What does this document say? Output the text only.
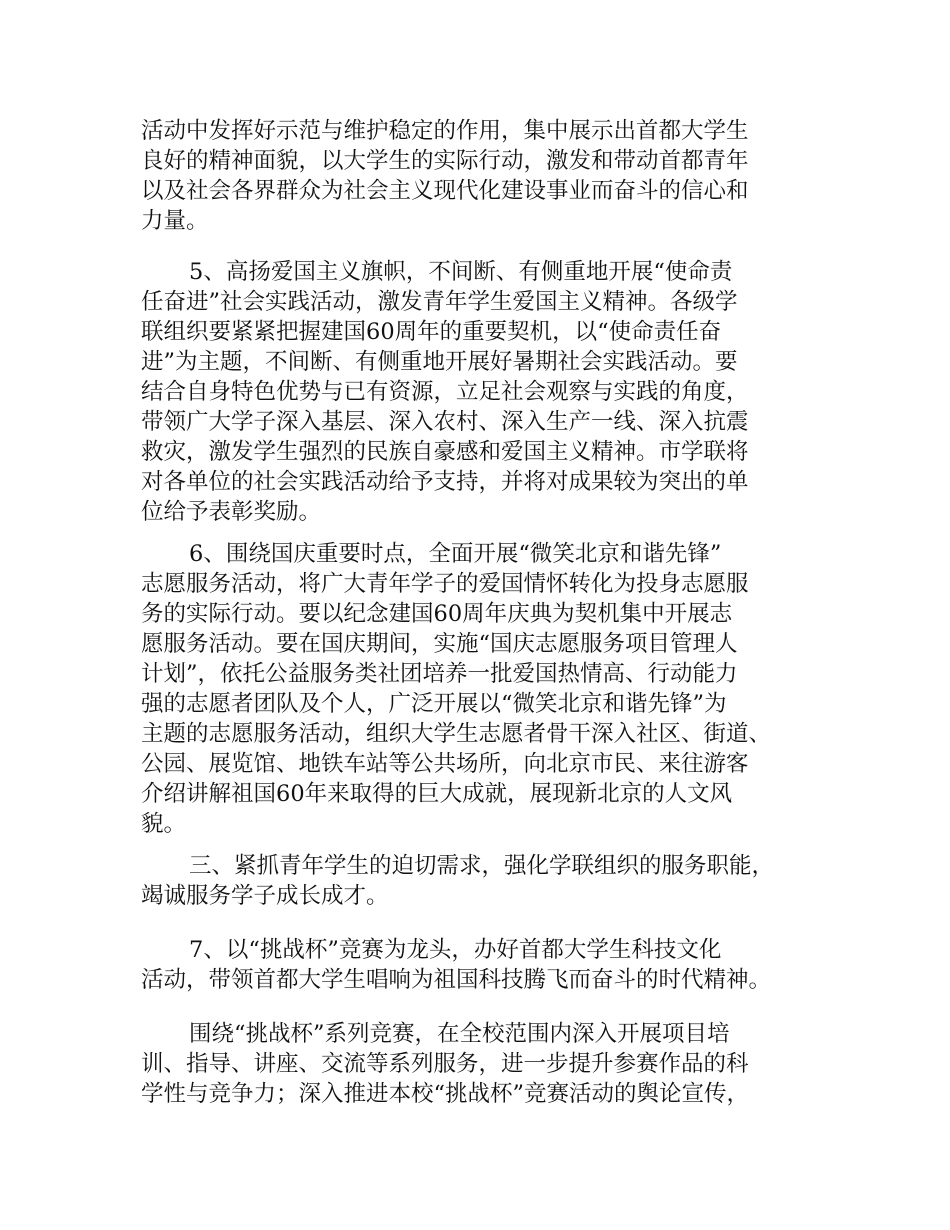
活动中发挥好示范与维护稳定的作用，集中展示出首都大学生
良好的精神面貌，以大学生的实际行动，激发和带动首都青年
以及社会各界群众为社会主义现代化建设事业而奋斗的信心和
力量。
5、高扬爱国主义旗帜，不间断、有侧重地开展“使命责
任奋进”社会实践活动，激发青年学生爱国主义精神。各级学
联组织要紧紧把握建国60周年的重要契机，以“使命责任奋
进”为主题，不间断、有侧重地开展好暑期社会实践活动。要
结合自身特色优势与已有资源，立足社会观察与实践的角度，
带领广大学子深入基层、深入农村、深入生产一线、深入抗震
救灾，激发学生强烈的民族自豪感和爱国主义精神。市学联将
对各单位的社会实践活动给予支持，并将对成果较为突出的单
位给予表彰奖励。
6、围绕国庆重要时点，全面开展“微笑北京和谐先锋”
志愿服务活动，将广大青年学子的爱国情怀转化为投身志愿服
务的实际行动。要以纪念建国60周年庆典为契机集中开展志
愿服务活动。要在国庆期间，实施“国庆志愿服务项目管理人
计划”，依托公益服务类社团培养一批爱国热情高、行动能力
强的志愿者团队及个人，广泛开展以“微笑北京和谐先锋”为
主题的志愿服务活动，组织大学生志愿者骨干深入社区、街道、
公园、展览馆、地铁车站等公共场所，向北京市民、来往游客
介绍讲解祖国60年来取得的巨大成就，展现新北京的人文风
貌。
三、紧抓青年学生的迫切需求，强化学联组织的服务职能，
竭诚服务学子成长成才。
7、以“挑战杯”竞赛为龙头，办好首都大学生科技文化
活动，带领首都大学生唱响为祖国科技腾飞而奋斗的时代精神。
围绕“挑战杯”系列竞赛，在全校范围内深入开展项目培
训、指导、讲座、交流等系列服务，进一步提升参赛作品的科
学性与竞争力；深入推进本校“挑战杯”竞赛活动的舆论宣传，
